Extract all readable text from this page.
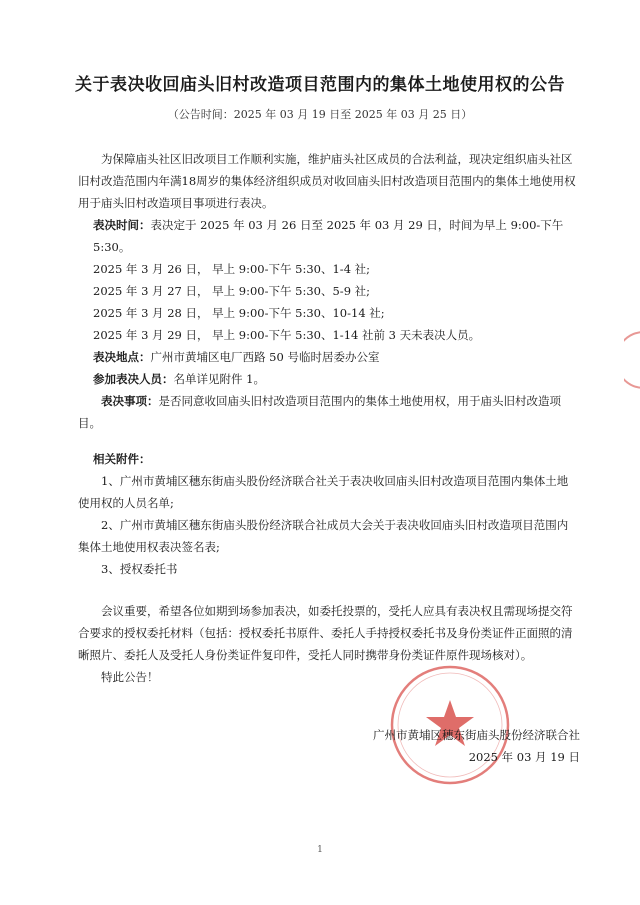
关于表决收回庙头旧村改造项目范围内的集体土地使用权的公告
（公告时间：2025 年 03 月 19 日至 2025 年 03 月 25 日）

为保障庙头社区旧改项目工作顺利实施，维护庙头社区成员的合法利益，现决定组织庙头社区旧村改造范围内年满18周岁的集体经济组织成员对收回庙头旧村改造项目范围内的集体土地使用权用于庙头旧村改造项目事项进行表决。

表决时间：表决定于 2025 年 03 月 26 日至 2025 年 03 月 29 日，时间为早上 9:00-下午 5:30。

2025 年 3 月 26 日， 早上 9:00-下午 5:30、1-4 社;

2025 年 3 月 27 日， 早上 9:00-下午 5:30、5-9 社;

2025 年 3 月 28 日， 早上 9:00-下午 5:30、10-14 社;

2025 年 3 月 29 日， 早上 9:00-下午 5:30、1-14 社前 3 天未表决人员。

表决地点：广州市黄埔区电厂西路 50 号临时居委办公室

参加表决人员：名单详见附件 1。

表决事项：是否同意收回庙头旧村改造项目范围内的集体土地使用权，用于庙头旧村改造项目。

相关附件：

1、广州市黄埔区穗东街庙头股份经济联合社关于表决收回庙头旧村改造项目范围内集体土地使用权的人员名单;

2、广州市黄埔区穗东街庙头股份经济联合社成员大会关于表决收回庙头旧村改造项目范围内集体土地使用权表决签名表;

3、授权委托书

会议重要，希望各位如期到场参加表决，如委托投票的，受托人应具有表决权且需现场提交符合要求的授权委托材料（包括：授权委托书原件、委托人手持授权委托书及身份类证件正面照的清晰照片、委托人及受托人身份类证件复印件，受托人同时携带身份类证件原件现场核对）。

特此公告！

广州市黄埔区穗东街庙头股份经济联合社
2025 年 03 月 19 日
1
